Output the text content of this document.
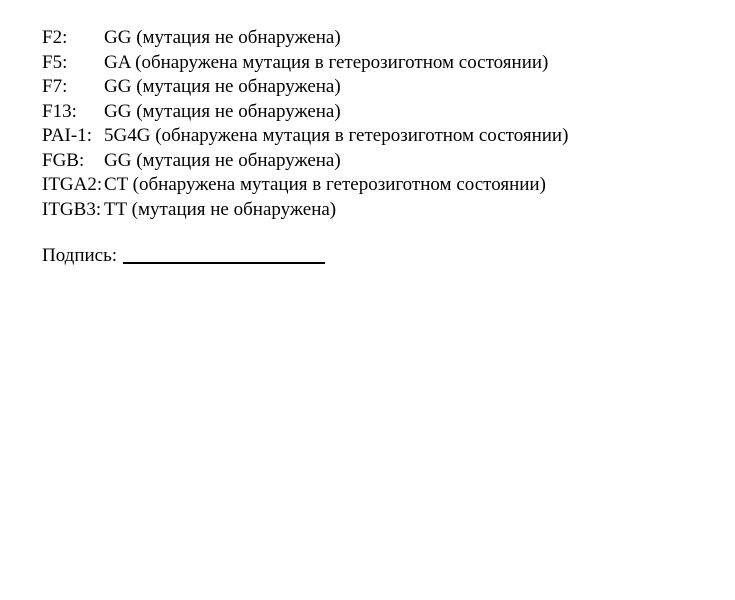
F2: GG (мутация не обнаружена)
F5: GA (обнаружена мутация в гетерозиготном состоянии)
F7: GG (мутация не обнаружена)
F13: GG (мутация не обнаружена)
PAI-1: 5G4G (обнаружена мутация в гетерозиготном состоянии)
FGB: GG (мутация не обнаружена)
ITGA2:CT (обнаружена мутация в гетерозиготном состоянии)
ITGB3: TT (мутация не обнаружена)
Подпись:
